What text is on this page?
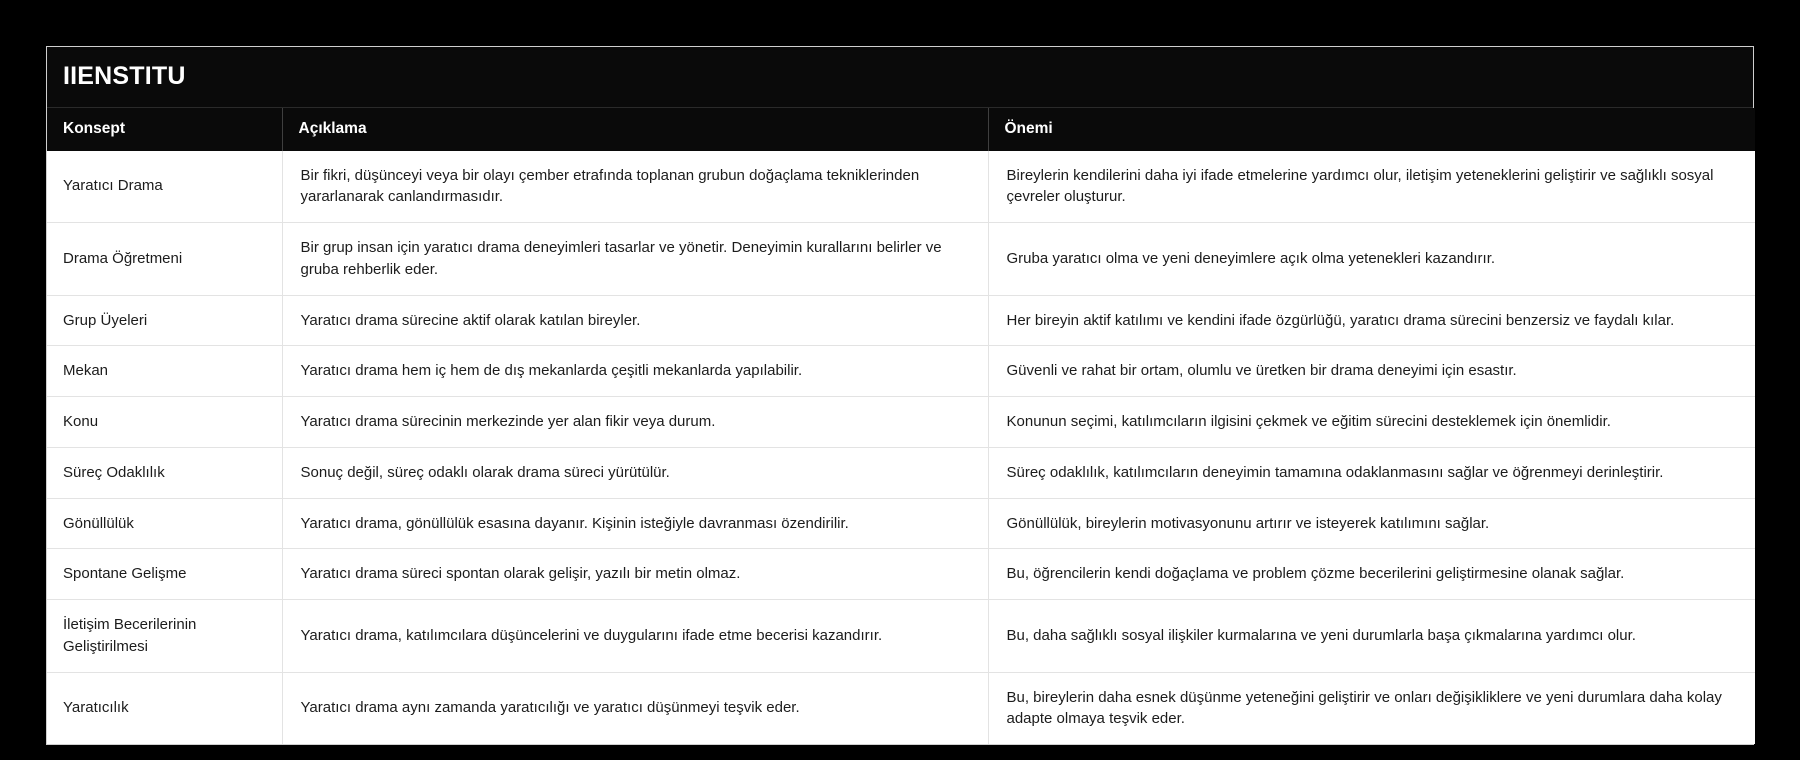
IIENSTITU
Konsept	Açıklama	Önemi
Yaratıcı Drama	Bir fikri, düşünceyi veya bir olayı çember etrafında toplanan grubun doğaçlama tekniklerinden yararlanarak canlandırmasıdır.	Bireylerin kendilerini daha iyi ifade etmelerine yardımcı olur, iletişim yeteneklerini geliştirir ve sağlıklı sosyal çevreler oluşturur.
Drama Öğretmeni	Bir grup insan için yaratıcı drama deneyimleri tasarlar ve yönetir. Deneyimin kurallarını belirler ve gruba rehberlik eder.	Gruba yaratıcı olma ve yeni deneyimlere açık olma yetenekleri kazandırır.
Grup Üyeleri	Yaratıcı drama sürecine aktif olarak katılan bireyler.	Her bireyin aktif katılımı ve kendini ifade özgürlüğü, yaratıcı drama sürecini benzersiz ve faydalı kılar.
Mekan	Yaratıcı drama hem iç hem de dış mekanlarda çeşitli mekanlarda yapılabilir.	Güvenli ve rahat bir ortam, olumlu ve üretken bir drama deneyimi için esastır.
Konu	Yaratıcı drama sürecinin merkezinde yer alan fikir veya durum.	Konunun seçimi, katılımcıların ilgisini çekmek ve eğitim sürecini desteklemek için önemlidir.
Süreç Odaklılık	Sonuç değil, süreç odaklı olarak drama süreci yürütülür.	Süreç odaklılık, katılımcıların deneyimin tamamına odaklanmasını sağlar ve öğrenmeyi derinleştirir.
Gönüllülük	Yaratıcı drama, gönüllülük esasına dayanır. Kişinin isteğiyle davranması özendirilir.	Gönüllülük, bireylerin motivasyonunu artırır ve isteyerek katılımını sağlar.
Spontane Gelişme	Yaratıcı drama süreci spontan olarak gelişir, yazılı bir metin olmaz.	Bu, öğrencilerin kendi doğaçlama ve problem çözme becerilerini geliştirmesine olanak sağlar.
İletişim Becerilerinin Geliştirilmesi	Yaratıcı drama, katılımcılara düşüncelerini ve duygularını ifade etme becerisi kazandırır.	Bu, daha sağlıklı sosyal ilişkiler kurmalarına ve yeni durumlarla başa çıkmalarına yardımcı olur.
Yaratıcılık	Yaratıcı drama aynı zamanda yaratıcılığı ve yaratıcı düşünmeyi teşvik eder.	Bu, bireylerin daha esnek düşünme yeteneğini geliştirir ve onları değişikliklere ve yeni durumlara daha kolay adapte olmaya teşvik eder.
